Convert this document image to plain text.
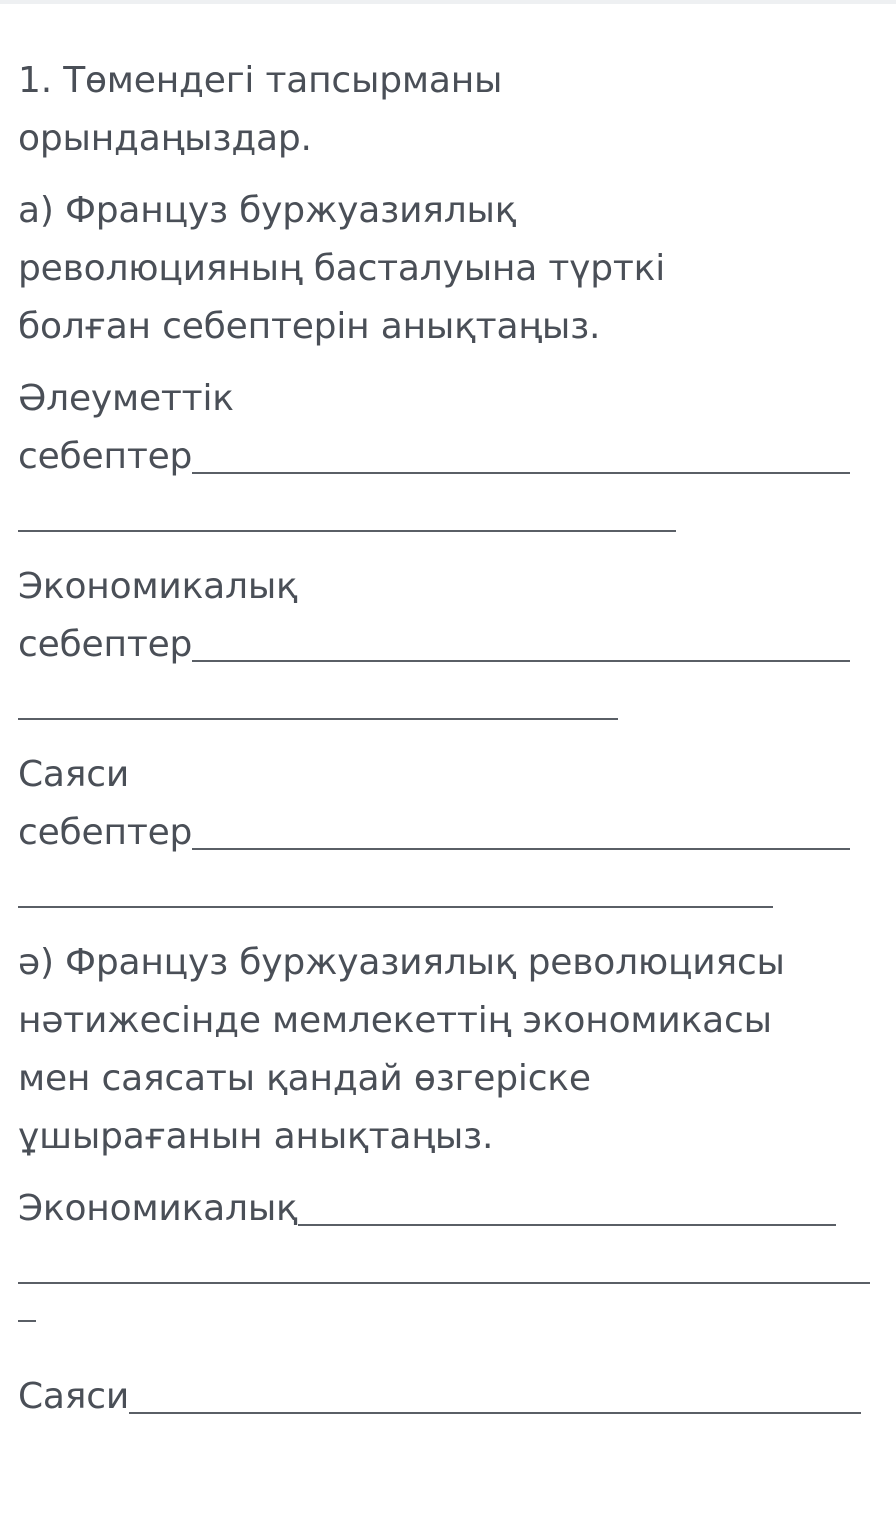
1. Төмендегі тапсырманы
орындаңыздар.
а) Француз буржуазиялық
революцияның басталуына түрткі
болған себептерін анықтаңыз.
Әлеуметтік
себептер
Экономикалық
себептер
Саяси
себептер
ә) Француз буржуазиялық революциясы
нәтижесінде мемлекеттің экономикасы
мен саясаты қандай өзгеріске
ұшырағанын анықтаңыз.
Экономикалық
Саяси
